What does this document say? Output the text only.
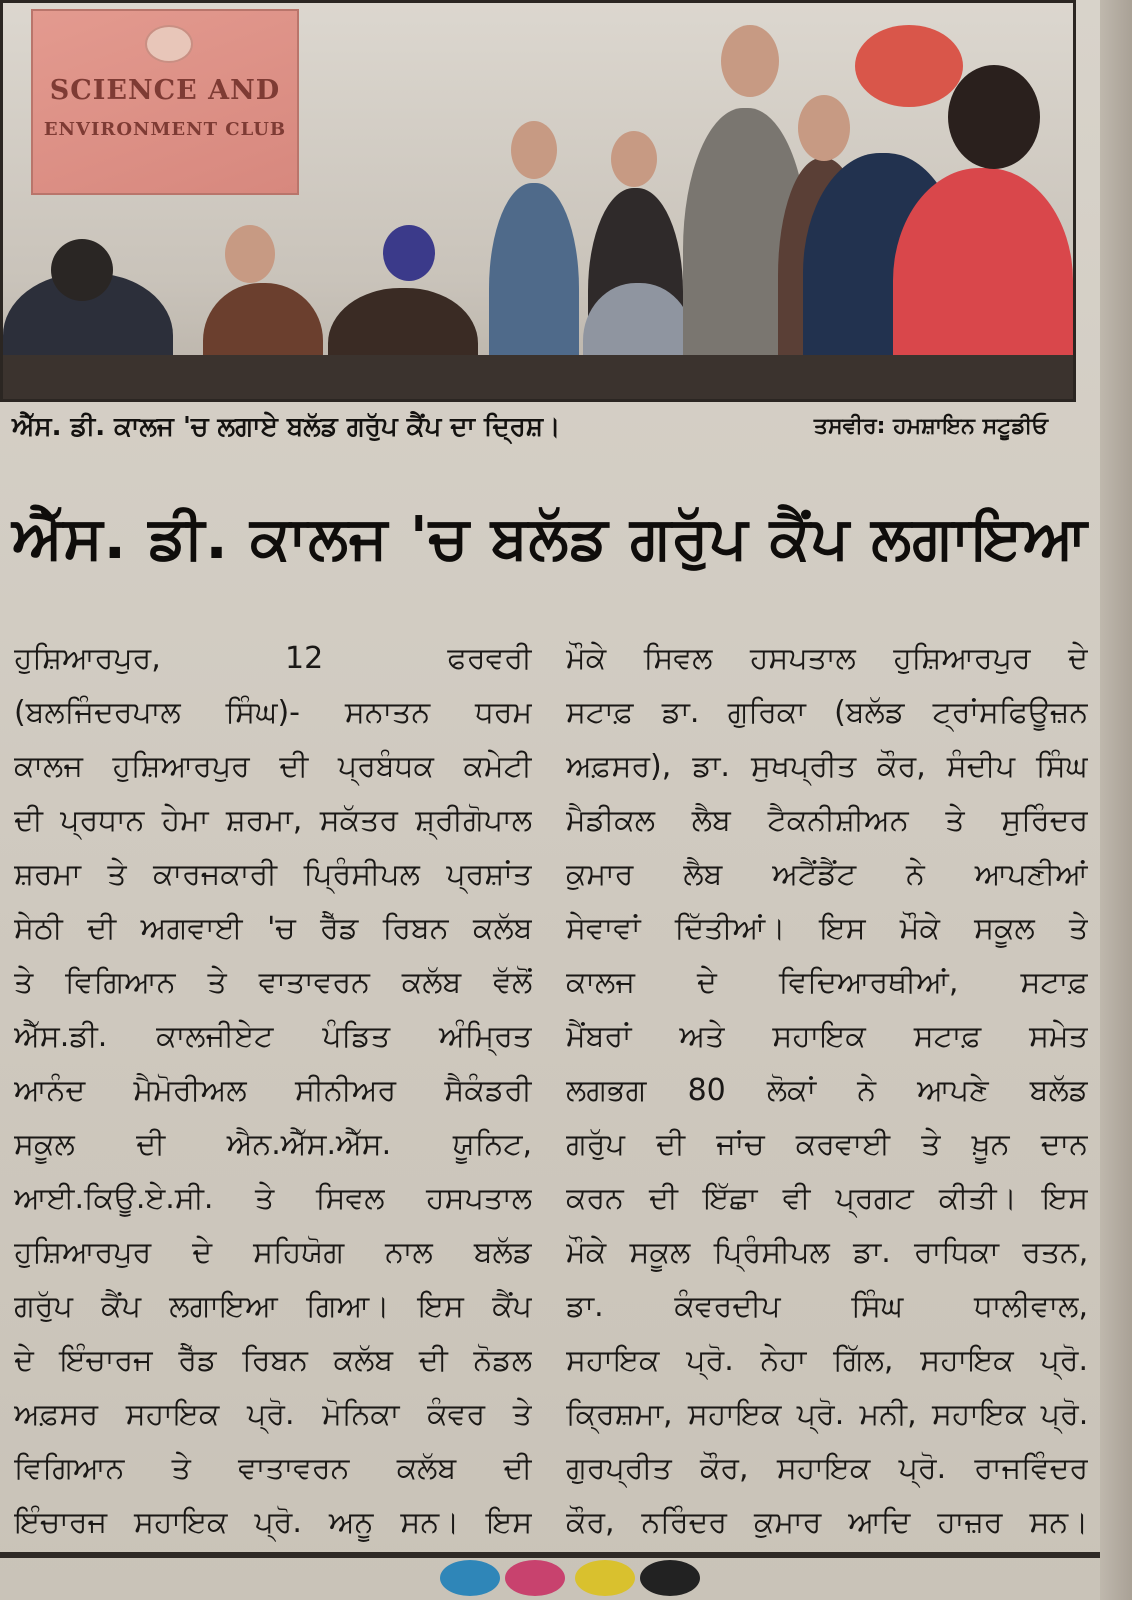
SCIENCE AND
ENVIRONMENT CLUB
ਐੱਸ. ਡੀ. ਕਾਲਜ 'ਚ ਲਗਾਏ ਬਲੱਡ ਗਰੁੱਪ ਕੈਂਪ ਦਾ ਦ੍ਰਿਸ਼।	ਤਸਵੀਰ: ਹਮਸ਼ਾਇਨ ਸਟੂਡੀਓ
ਐੱਸ. ਡੀ. ਕਾਲਜ 'ਚ ਬਲੱਡ ਗਰੁੱਪ ਕੈਂਪ ਲਗਾਇਆ
ਹੁਸ਼ਿਆਰਪੁਰ, 12 ਫਰਵਰੀ
(ਬਲਜਿੰਦਰਪਾਲ ਸਿੰਘ)- ਸਨਾਤਨ ਧਰਮ
ਕਾਲਜ ਹੁਸ਼ਿਆਰਪੁਰ ਦੀ ਪ੍ਰਬੰਧਕ ਕਮੇਟੀ
ਦੀ ਪ੍ਰਧਾਨ ਹੇਮਾ ਸ਼ਰਮਾ, ਸਕੱਤਰ ਸ਼੍ਰੀਗੋਪਾਲ
ਸ਼ਰਮਾ ਤੇ ਕਾਰਜਕਾਰੀ ਪ੍ਰਿੰਸੀਪਲ ਪ੍ਰਸ਼ਾਂਤ
ਸੇਠੀ ਦੀ ਅਗਵਾਈ 'ਚ ਰੈੱਡ ਰਿਬਨ ਕਲੱਬ
ਤੇ ਵਿਗਿਆਨ ਤੇ ਵਾਤਾਵਰਨ ਕਲੱਬ ਵੱਲੋਂ
ਐੱਸ.ਡੀ. ਕਾਲਜੀਏਟ ਪੰਡਿਤ ਅੰਮ੍ਰਿਤ
ਆਨੰਦ ਮੈਮੋਰੀਅਲ ਸੀਨੀਅਰ ਸੈਕੰਡਰੀ
ਸਕੂਲ ਦੀ ਐਨ.ਐੱਸ.ਐੱਸ. ਯੂਨਿਟ,
ਆਈ.ਕਿਊ.ਏ.ਸੀ. ਤੇ ਸਿਵਲ ਹਸਪਤਾਲ
ਹੁਸ਼ਿਆਰਪੁਰ ਦੇ ਸਹਿਯੋਗ ਨਾਲ ਬਲੱਡ
ਗਰੁੱਪ ਕੈਂਪ ਲਗਾਇਆ ਗਿਆ। ਇਸ ਕੈਂਪ
ਦੇ ਇੰਚਾਰਜ ਰੈੱਡ ਰਿਬਨ ਕਲੱਬ ਦੀ ਨੋਡਲ
ਅਫ਼ਸਰ ਸਹਾਇਕ ਪ੍ਰੋ. ਮੋਨਿਕਾ ਕੰਵਰ ਤੇ
ਵਿਗਿਆਨ ਤੇ ਵਾਤਾਵਰਨ ਕਲੱਬ ਦੀ
ਇੰਚਾਰਜ ਸਹਾਇਕ ਪ੍ਰੋ. ਅਨੂ ਸਨ। ਇਸ
ਮੌਕੇ ਸਿਵਲ ਹਸਪਤਾਲ ਹੁਸ਼ਿਆਰਪੁਰ ਦੇ
ਸਟਾਫ਼ ਡਾ. ਗੁਰਿਕਾ (ਬਲੱਡ ਟ੍ਰਾਂਸਫਿਊਜ਼ਨ
ਅਫ਼ਸਰ), ਡਾ. ਸੁਖਪ੍ਰੀਤ ਕੌਰ, ਸੰਦੀਪ ਸਿੰਘ
ਮੈਡੀਕਲ ਲੈਬ ਟੈਕਨੀਸ਼ੀਅਨ ਤੇ ਸੁਰਿੰਦਰ
ਕੁਮਾਰ ਲੈਬ ਅਟੈਂਡੈਂਟ ਨੇ ਆਪਣੀਆਂ
ਸੇਵਾਵਾਂ ਦਿੱਤੀਆਂ। ਇਸ ਮੌਕੇ ਸਕੂਲ ਤੇ
ਕਾਲਜ ਦੇ ਵਿਦਿਆਰਥੀਆਂ, ਸਟਾਫ਼
ਮੈਂਬਰਾਂ ਅਤੇ ਸਹਾਇਕ ਸਟਾਫ਼ ਸਮੇਤ
ਲਗਭਗ 80 ਲੋਕਾਂ ਨੇ ਆਪਣੇ ਬਲੱਡ
ਗਰੁੱਪ ਦੀ ਜਾਂਚ ਕਰਵਾਈ ਤੇ ਖ਼ੂਨ ਦਾਨ
ਕਰਨ ਦੀ ਇੱਛਾ ਵੀ ਪ੍ਰਗਟ ਕੀਤੀ। ਇਸ
ਮੌਕੇ ਸਕੂਲ ਪ੍ਰਿੰਸੀਪਲ ਡਾ. ਰਾਧਿਕਾ ਰਤਨ,
ਡਾ. ਕੰਵਰਦੀਪ ਸਿੰਘ ਧਾਲੀਵਾਲ,
ਸਹਾਇਕ ਪ੍ਰੋ. ਨੇਹਾ ਗਿੱਲ, ਸਹਾਇਕ ਪ੍ਰੋ.
ਕ੍ਰਿਸ਼ਮਾ, ਸਹਾਇਕ ਪ੍ਰੋ. ਮਨੀ, ਸਹਾਇਕ ਪ੍ਰੋ.
ਗੁਰਪ੍ਰੀਤ ਕੌਰ, ਸਹਾਇਕ ਪ੍ਰੋ. ਰਾਜਵਿੰਦਰ
ਕੌਰ, ਨਰਿੰਦਰ ਕੁਮਾਰ ਆਦਿ ਹਾਜ਼ਰ ਸਨ।
